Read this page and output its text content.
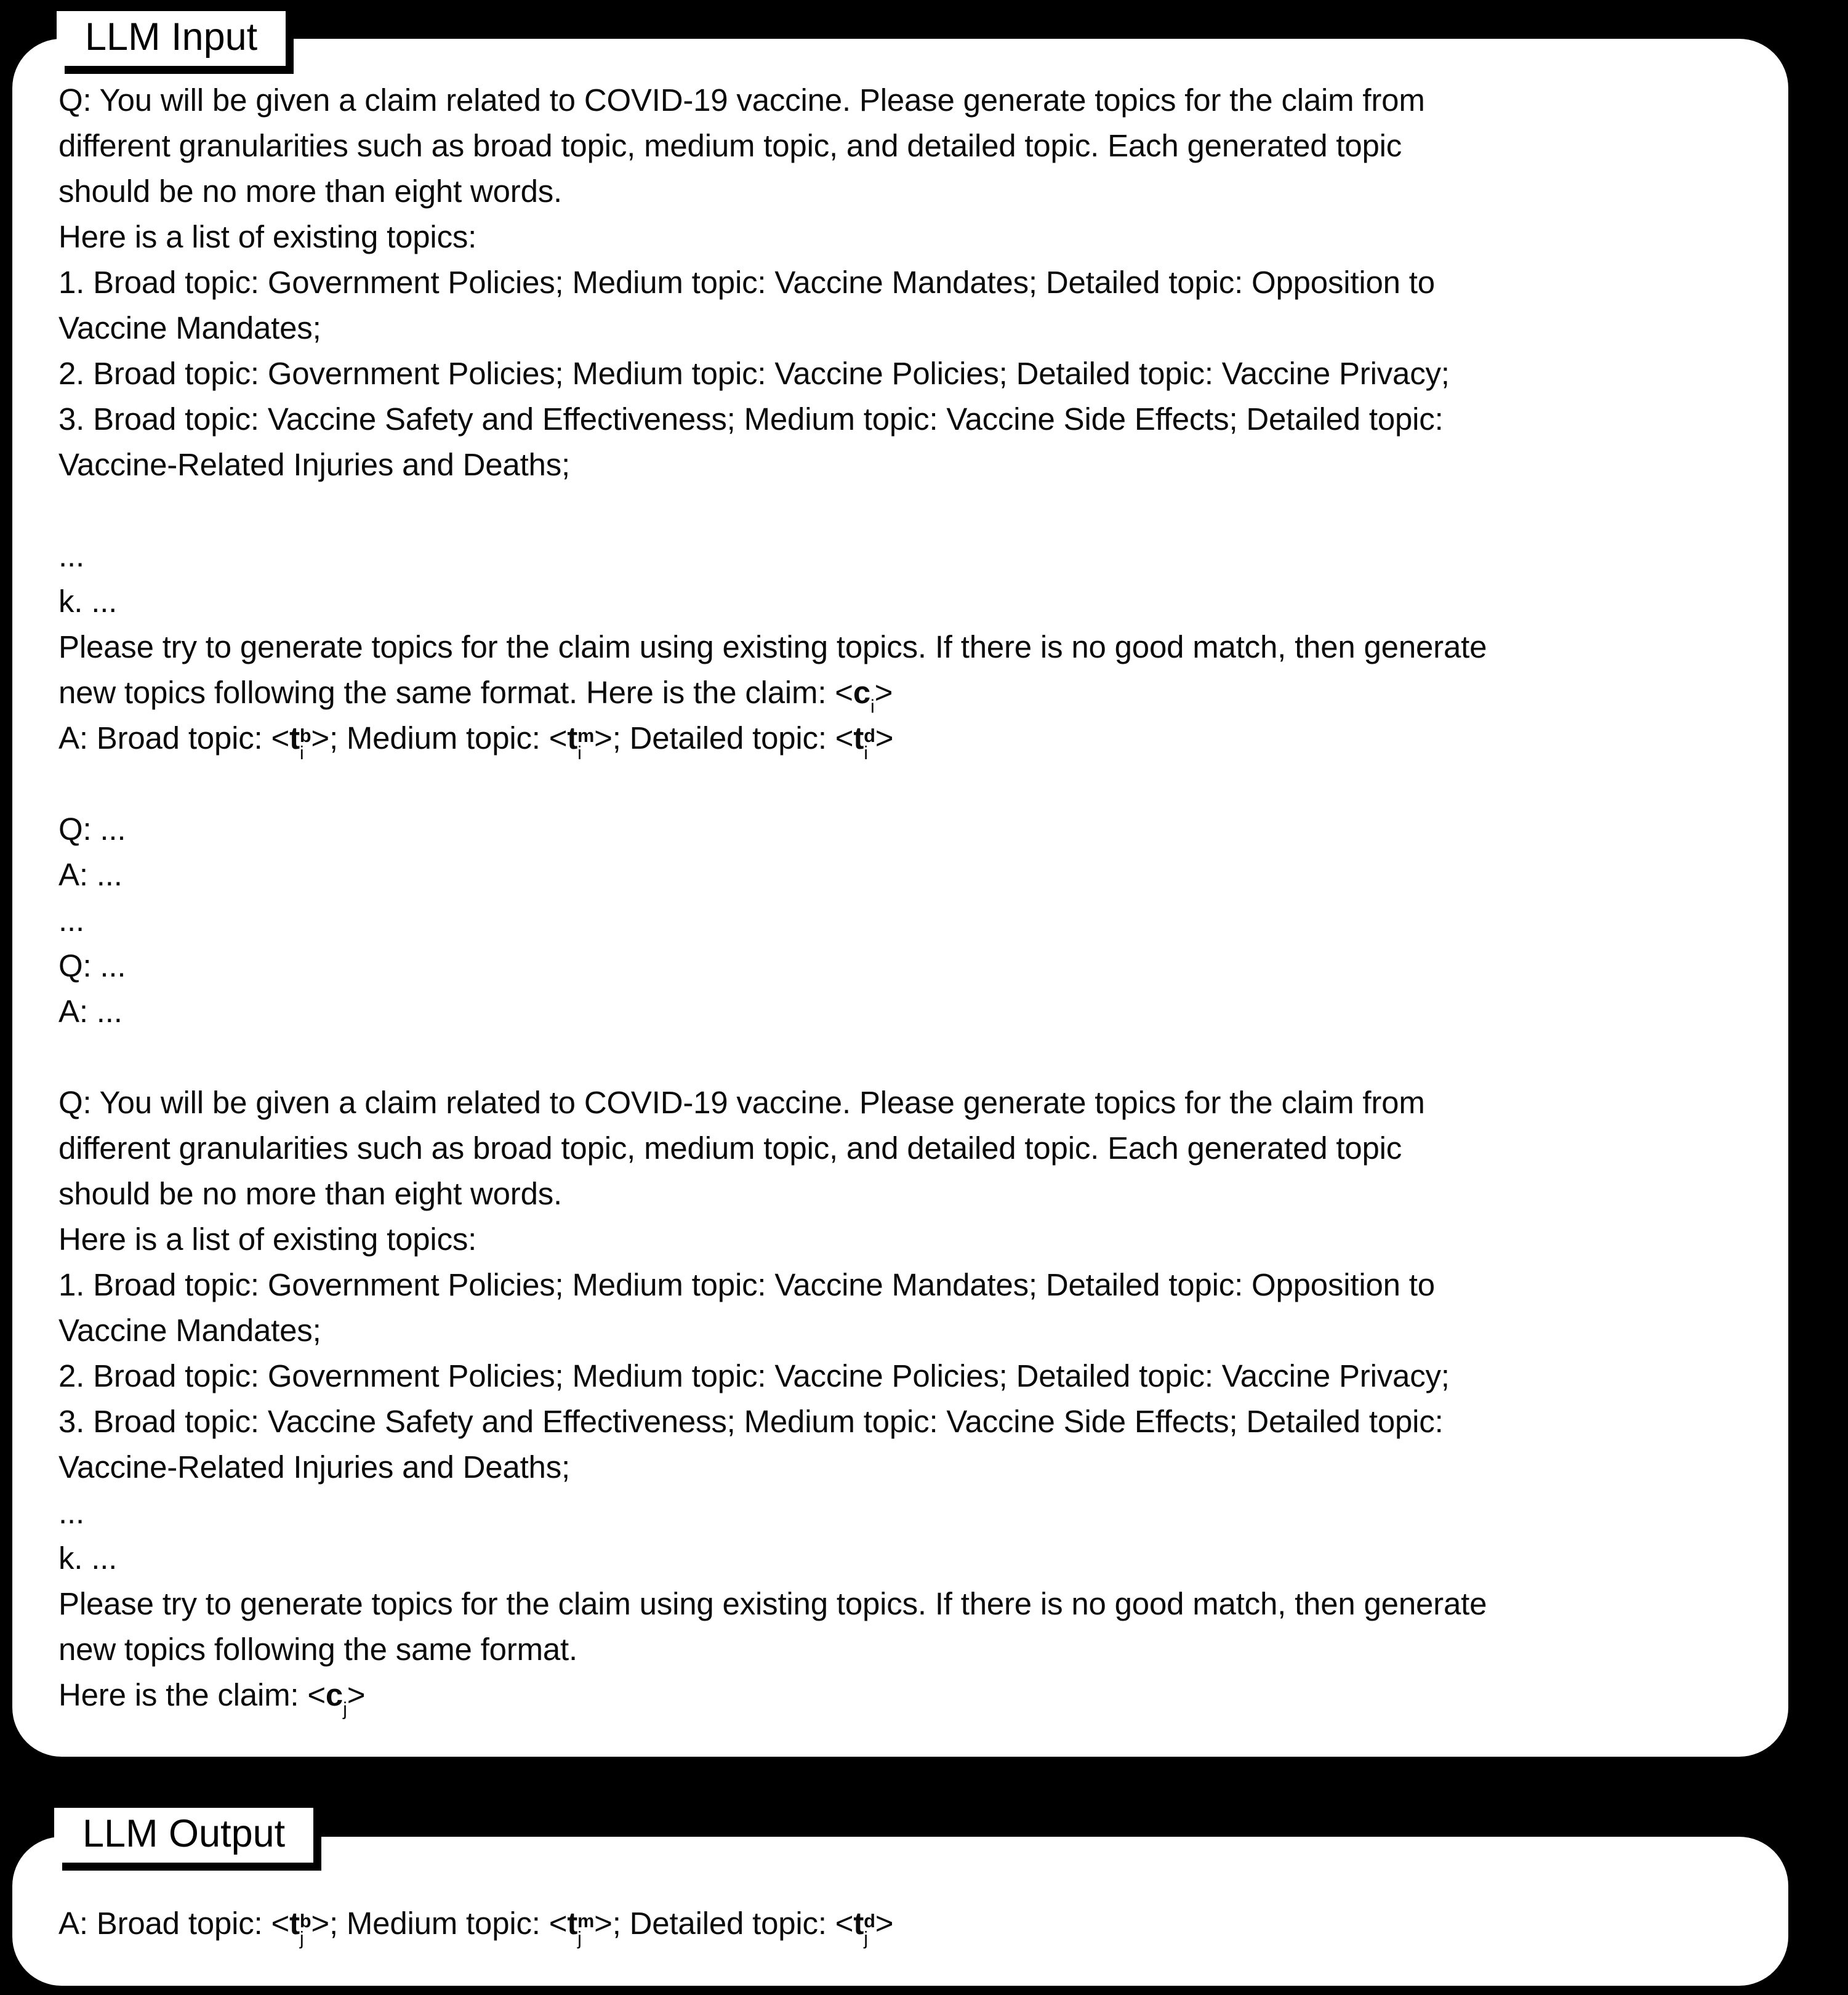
LLM Input
Q: You will be given a claim related to COVID-19 vaccine. Please generate topics for the claim from
different granularities such as broad topic, medium topic, and detailed topic. Each generated topic
should be no more than eight words.
Here is a list of existing topics:
1. Broad topic: Government Policies; Medium topic: Vaccine Mandates; Detailed topic: Opposition to
Vaccine Mandates;
2. Broad topic: Government Policies; Medium topic: Vaccine Policies; Detailed topic: Vaccine Privacy;
3. Broad topic: Vaccine Safety and Effectiveness; Medium topic: Vaccine Side Effects; Detailed topic:
Vaccine-Related Injuries and Deaths;
...
k. ...
Please try to generate topics for the claim using existing topics. If there is no good match, then generate
new topics following the same format. Here is the claim: $<c_i>$
A: Broad topic: <t b
i >; Medium topic: <t m
i >; Detailed topic: <t d
i >
Q: ...
A: ...
...
Q: ...
A: ...
Q: You will be given a claim related to COVID-19 vaccine. Please generate topics for the claim from
different granularities such as broad topic, medium topic, and detailed topic. Each generated topic
should be no more than eight words.
Here is a list of existing topics:
1. Broad topic: Government Policies; Medium topic: Vaccine Mandates; Detailed topic: Opposition to
Vaccine Mandates;
2. Broad topic: Government Policies; Medium topic: Vaccine Policies; Detailed topic: Vaccine Privacy;
3. Broad topic: Vaccine Safety and Effectiveness; Medium topic: Vaccine Side Effects; Detailed topic:
Vaccine-Related Injuries and Deaths;
...
k. ...
Please try to generate topics for the claim using existing topics. If there is no good match, then generate
new topics following the same format.
Here is the claim: $<c_j>$
LLM Output
A: Broad topic: <t b
j >; Medium topic: <t m
j >; Detailed topic: <t d
j >
